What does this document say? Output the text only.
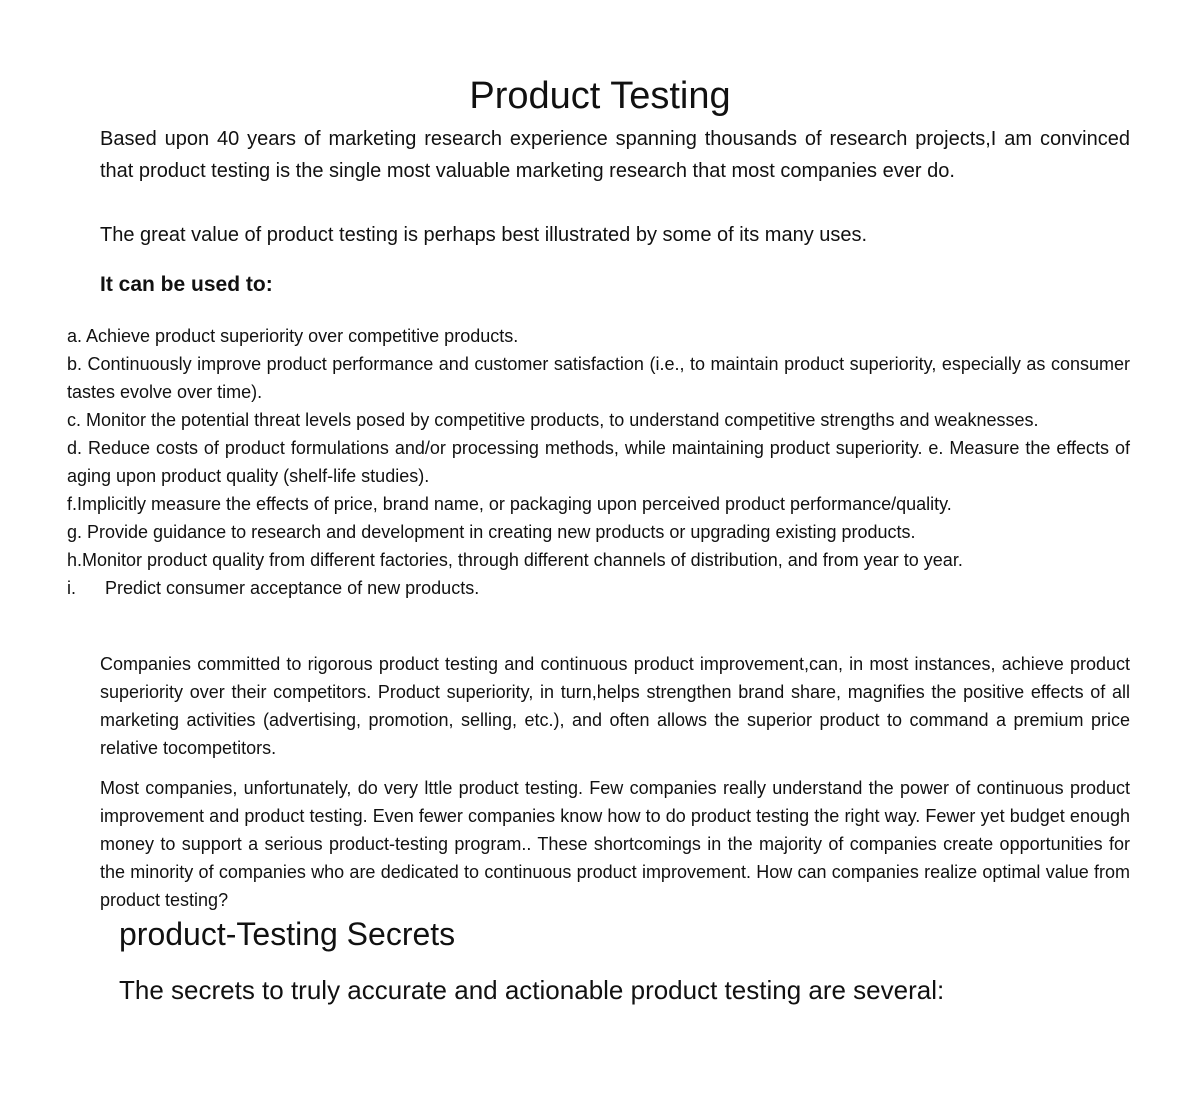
Product Testing

Based upon 40 years of marketing research experience spanning thousands of research projects,I am convinced that product testing is the single most valuable marketing research that most companies ever do.

The great value of product testing is perhaps best illustrated by some of its many uses.

It can be used to:

a. Achieve product superiority over competitive products.
b. Continuously improve product performance and customer satisfaction (i.e., to maintain product superiority, especially as consumer tastes evolve over time).
c. Monitor the potential threat levels posed by competitive products, to understand competitive strengths and weaknesses.
d. Reduce costs of product formulations and/or processing methods, while maintaining product superiority. e. Measure the effects of aging upon product quality (shelf-life studies).
f.Implicitly measure the effects of price, brand name, or packaging upon perceived product performance/quality.
g. Provide guidance to research and development in creating new products or upgrading existing products.
h.Monitor product quality from different factories, through different channels of distribution, and from year to year.
i. Predict consumer acceptance of new products.

Companies committed to rigorous product testing and continuous product improvement,can, in most instances, achieve product superiority over their competitors. Product superiority, in turn,helps strengthen brand share, magnifies the positive effects of all marketing activities (advertising, promotion, selling, etc.), and often allows the superior product to command a premium price relative tocompetitors.

Most companies, unfortunately, do very lttle product testing. Few companies really understand the power of continuous product improvement and product testing. Even fewer companies know how to do product testing the right way. Fewer yet budget enough money to support a serious product-testing program.. These shortcomings in the majority of companies create opportunities for the minority of companies who are dedicated to continuous product improvement. How can companies realize optimal value from product testing?

product-Testing Secrets

The secrets to truly accurate and actionable product testing are several:
